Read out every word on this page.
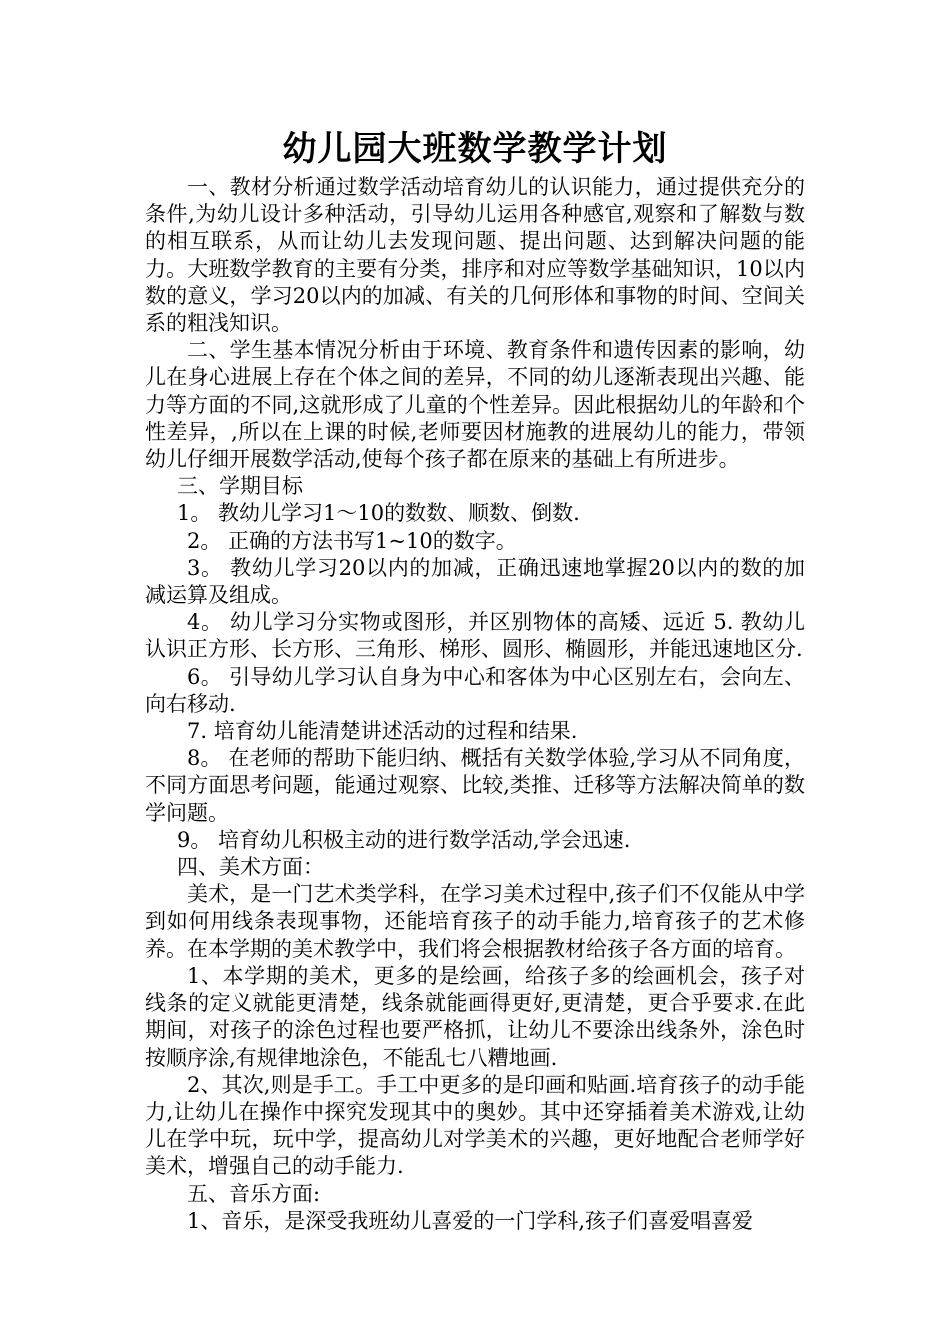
幼儿园大班数学教学计划

一、教材分析通过数学活动培育幼儿的认识能力，通过提供充分的条件,为幼儿设计多种活动，引导幼儿运用各种感官,观察和了解数与数的相互联系，从而让幼儿去发现问题、提出问题、达到解决问题的能力。大班数学教育的主要有分类，排序和对应等数学基础知识，10以内数的意义，学习20以内的加减、有关的几何形体和事物的时间、空间关系的粗浅知识。

二、学生基本情况分析由于环境、教育条件和遗传因素的影响，幼儿在身心进展上存在个体之间的差异，不同的幼儿逐渐表现出兴趣、能力等方面的不同,这就形成了儿童的个性差异。因此根据幼儿的年龄和个性差异，,所以在上课的时候,老师要因材施教的进展幼儿的能力，带领幼儿仔细开展数学活动,使每个孩子都在原来的基础上有所进步。

三、学期目标

1。 教幼儿学习1～10的数数、顺数、倒数.

2。 正确的方法书写1~10的数字。

3。 教幼儿学习20以内的加减，正确迅速地掌握20以内的数的加减运算及组成。

4。 幼儿学习分实物或图形，并区别物体的高矮、远近 5. 教幼儿认识正方形、长方形、三角形、梯形、圆形、椭圆形，并能迅速地区分.

6。 引导幼儿学习认自身为中心和客体为中心区别左右，会向左、向右移动.

7. 培育幼儿能清楚讲述活动的过程和结果.

8。 在老师的帮助下能归纳、概括有关数学体验,学习从不同角度，不同方面思考问题，能通过观察、比较,类推、迁移等方法解决简单的数学问题。

9。 培育幼儿积极主动的进行数学活动,学会迅速.

四、美术方面：

美术，是一门艺术类学科，在学习美术过程中,孩子们不仅能从中学到如何用线条表现事物，还能培育孩子的动手能力,培育孩子的艺术修养。在本学期的美术教学中，我们将会根据教材给孩子各方面的培育。

1、本学期的美术，更多的是绘画，给孩子多的绘画机会，孩子对线条的定义就能更清楚，线条就能画得更好,更清楚，更合乎要求.在此期间，对孩子的涂色过程也要严格抓，让幼儿不要涂出线条外，涂色时按顺序涂,有规律地涂色，不能乱七八糟地画.

2、其次,则是手工。手工中更多的是印画和贴画.培育孩子的动手能力,让幼儿在操作中探究发现其中的奥妙。其中还穿插着美术游戏,让幼儿在学中玩，玩中学，提高幼儿对学美术的兴趣，更好地配合老师学好美术，增强自己的动手能力.

五、音乐方面:

1、音乐，是深受我班幼儿喜爱的一门学科,孩子们喜爱唱喜爱
